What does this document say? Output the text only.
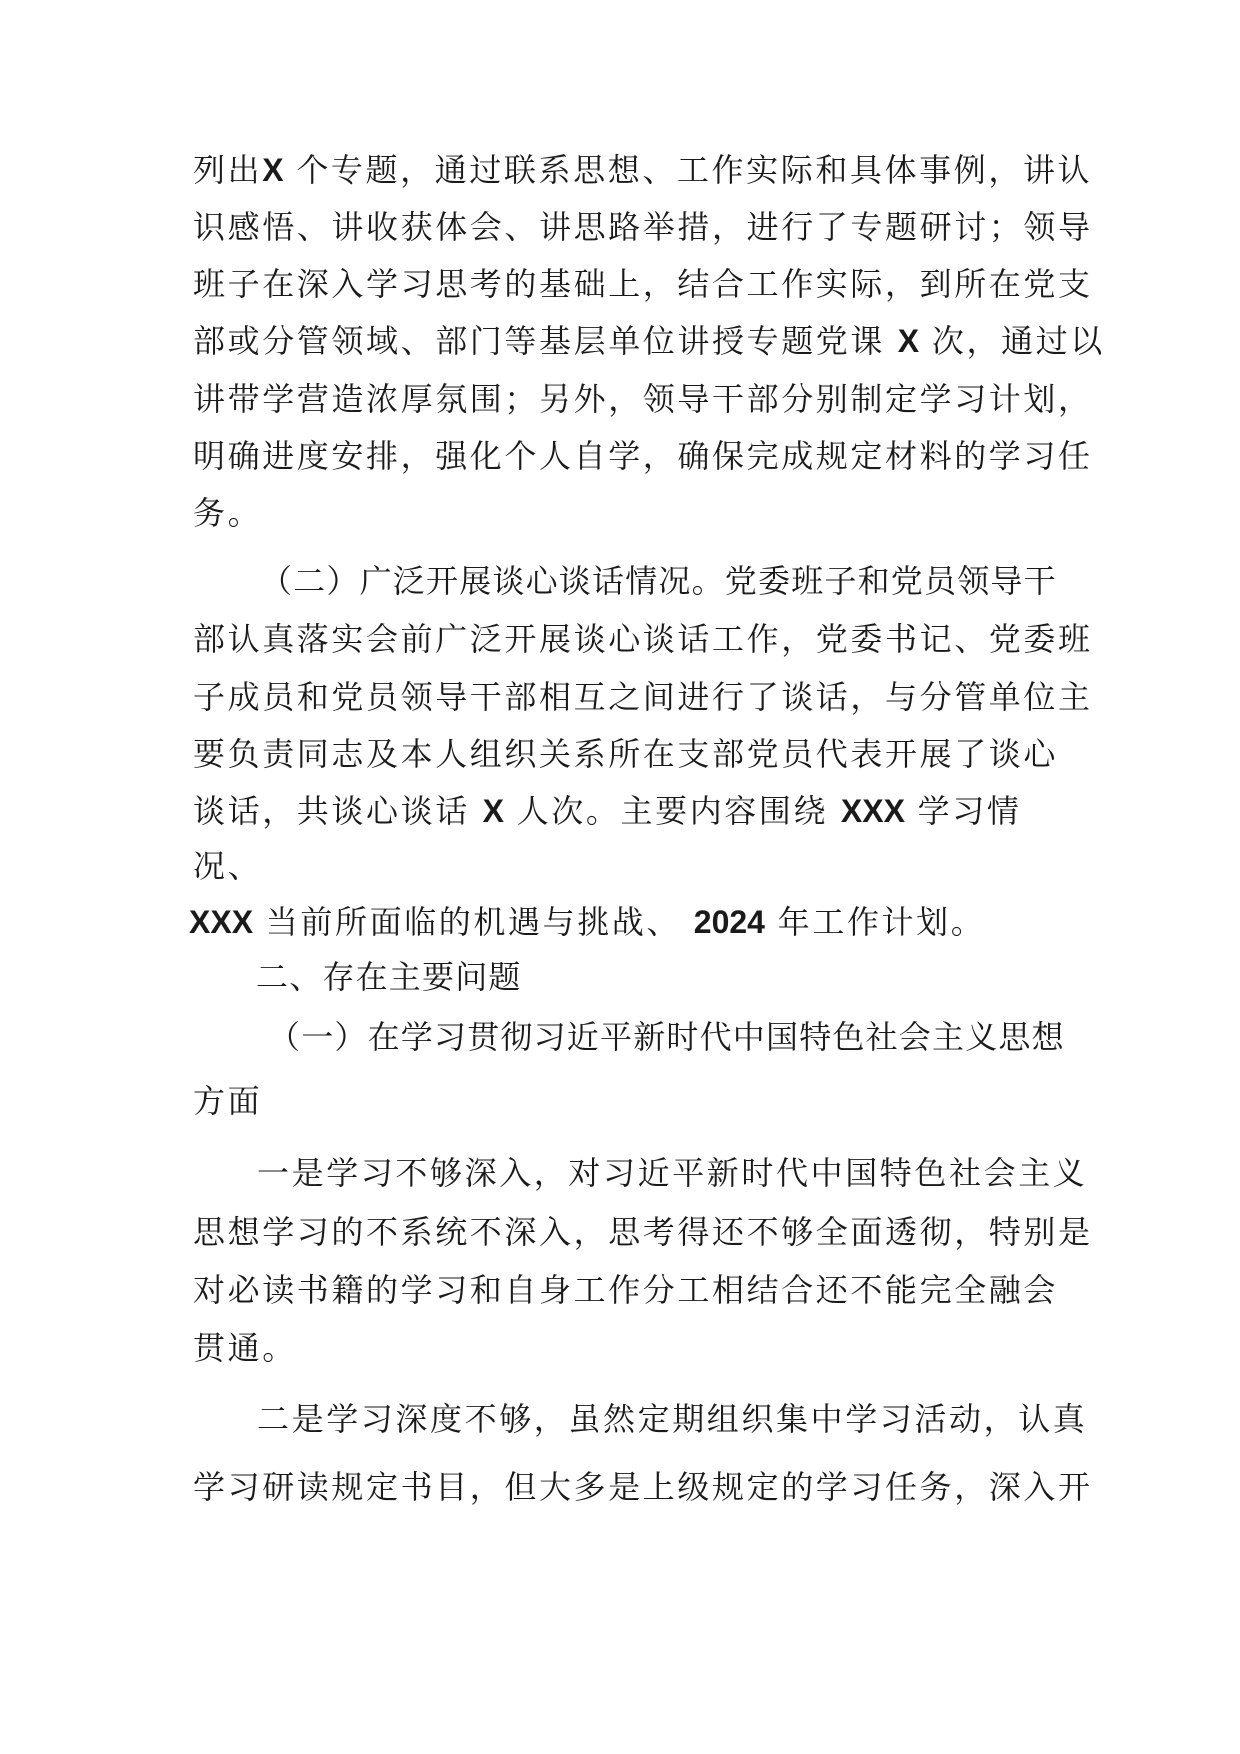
列出X 个专题，通过联系思想、工作实际和具体事例，讲认
识感悟、讲收获体会、讲思路举措，进行了专题研讨；领导
班子在深入学习思考的基础上，结合工作实际，到所在党支
部或分管领域、部门等基层单位讲授专题党课 X 次，通过以
讲带学营造浓厚氛围；另外，领导干部分别制定学习计划，
明确进度安排，强化个人自学，确保完成规定材料的学习任
务。
（二）广泛开展谈心谈话情况。党委班子和党员领导干
部认真落实会前广泛开展谈心谈话工作，党委书记、党委班
子成员和党员领导干部相互之间进行了谈话，与分管单位主
要负责同志及本人组织关系所在支部党员代表开展了谈心
谈话，共谈心谈话 X 人次。主要内容围绕 XXX 学习情
况、
XXX 当前所面临的机遇与挑战、 2024 年工作计划。
二、存在主要问题
（一）在学习贯彻习近平新时代中国特色社会主义思想
方面
一是学习不够深入，对习近平新时代中国特色社会主义
思想学习的不系统不深入，思考得还不够全面透彻，特别是
对必读书籍的学习和自身工作分工相结合还不能完全融会
贯通。
二是学习深度不够，虽然定期组织集中学习活动，认真
学习研读规定书目，但大多是上级规定的学习任务，深入开
